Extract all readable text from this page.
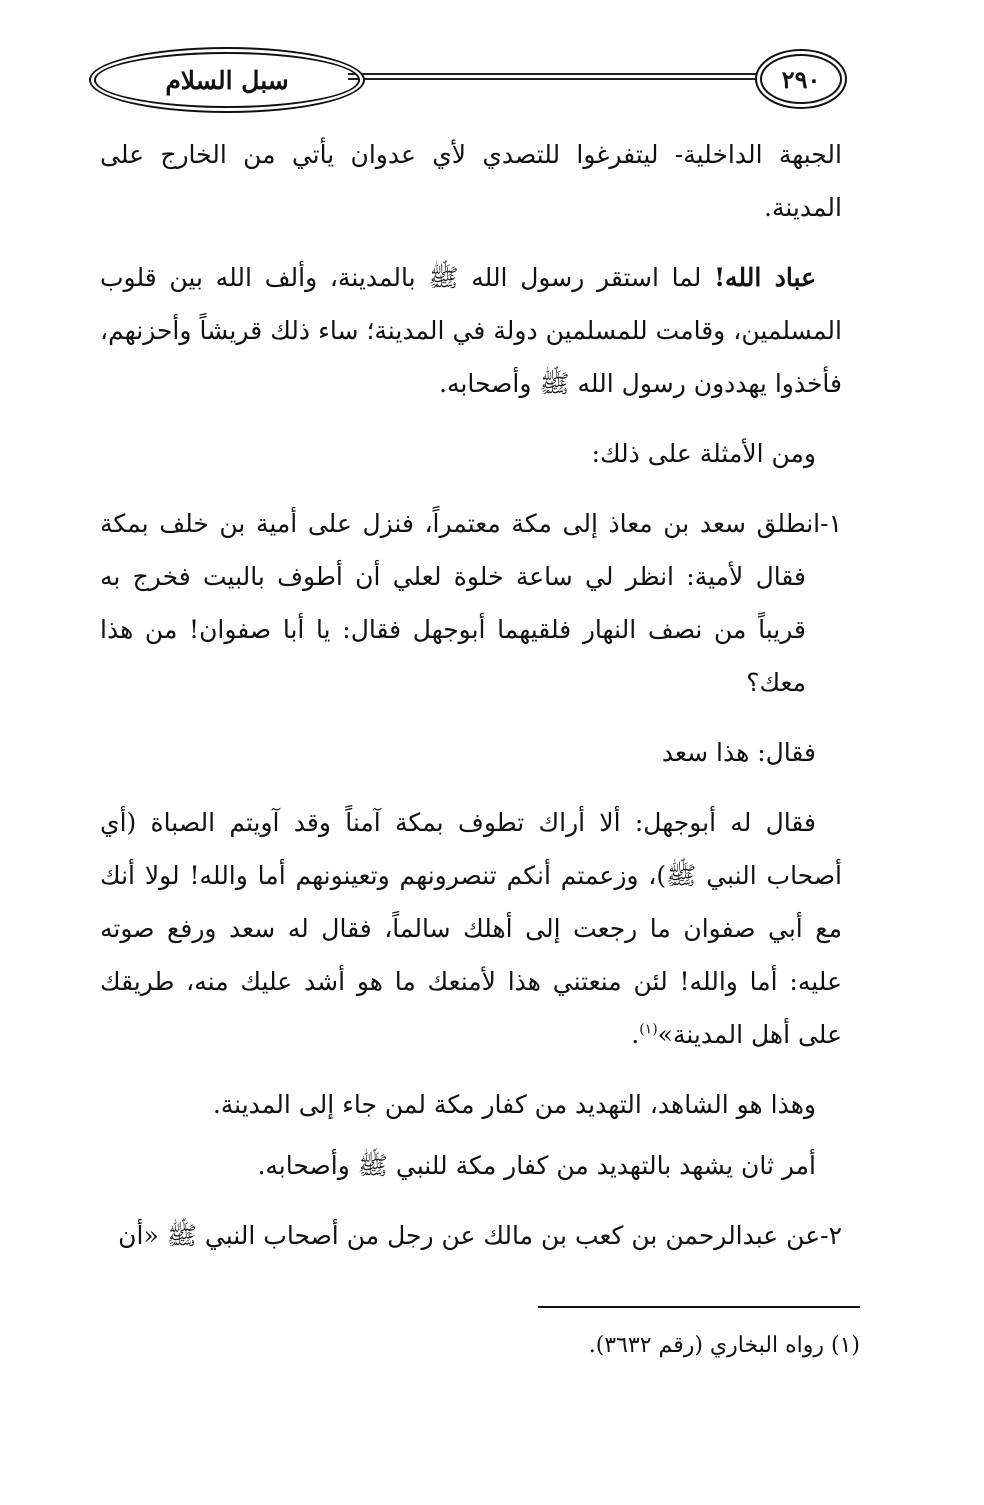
سبل السلام	٢٩٠

الجبهة الداخلية- ليتفرغوا للتصدي لأي عدوان يأتي من الخارج على المدينة.

عباد الله! لما استقر رسول الله ﷺ بالمدينة، وألف الله بين قلوب المسلمين، وقامت للمسلمين دولة في المدينة؛ ساء ذلك قريشاً وأحزنهم، فأخذوا يهددون رسول الله ﷺ وأصحابه.

ومن الأمثلة على ذلك:

١-انطلق سعد بن معاذ إلى مكة معتمراً، فنزل على أمية بن خلف بمكة فقال لأمية: انظر لي ساعة خلوة لعلي أن أطوف بالبيت فخرج به قريباً من نصف النهار فلقيهما أبوجهل فقال: يا أبا صفوان! من هذا معك؟

فقال: هذا سعد

فقال له أبوجهل: ألا أراك تطوف بمكة آمناً وقد آويتم الصباة (أي أصحاب النبي ﷺ)، وزعمتم أنكم تنصرونهم وتعينونهم أما والله! لولا أنك مع أبي صفوان ما رجعت إلى أهلك سالماً، فقال له سعد ورفع صوته عليه: أما والله! لئن منعتني هذا لأمنعك ما هو أشد عليك منه، طريقك على أهل المدينة»$^{(١)}$.

وهذا هو الشاهد، التهديد من كفار مكة لمن جاء إلى المدينة.

أمر ثان يشهد بالتهديد من كفار مكة للنبي ﷺ وأصحابه.

٢-عن عبدالرحمن بن كعب بن مالك عن رجل من أصحاب النبي ﷺ «أن

(١) رواه البخاري (رقم ٣٦٣٢).
